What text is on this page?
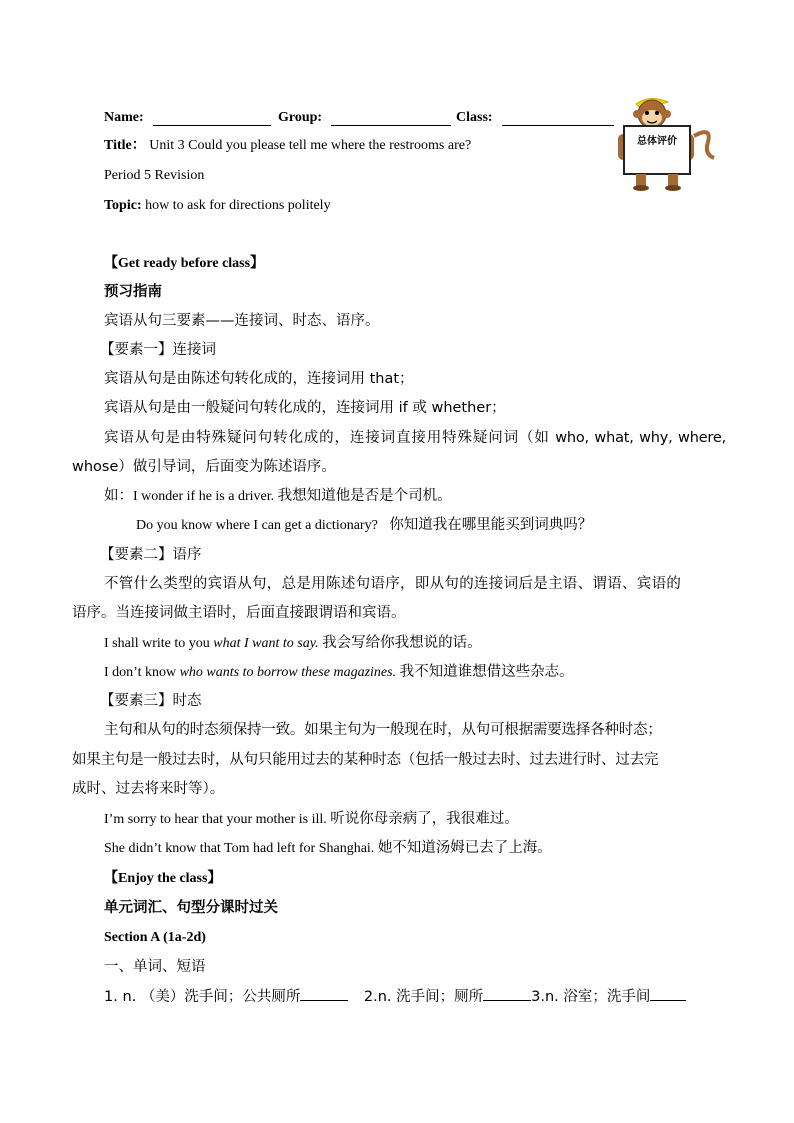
Name:	Group:	Class:
Title： Unit 3 Could you please tell me where the restrooms are?
Period 5 Revision
Topic: how to ask for directions politely
总体评价
【Get ready before class】
预习指南
宾语从句三要素——连接词、时态、语序。
【要素一】连接词
宾语从句是由陈述句转化成的，连接词用 that；
宾语从句是由一般疑问句转化成的，连接词用 if 或 whether；
宾语从句是由特殊疑问句转化成的，连接词直接用特殊疑问词（如 who, what, why, where,
whose）做引导词，后面变为陈述语序。
如：I wonder if he is a driver. 我想知道他是否是个司机。
Do you know where I can get a dictionary? 你知道我在哪里能买到词典吗？
【要素二】语序
不管什么类型的宾语从句，总是用陈述句语序，即从句的连接词后是主语、谓语、宾语的
语序。当连接词做主语时，后面直接跟谓语和宾语。
I shall write to you what I want to say. 我会写给你我想说的话。
I don’t know who wants to borrow these magazines. 我不知道谁想借这些杂志。
【要素三】时态
主句和从句的时态须保持一致。如果主句为一般现在时，从句可根据需要选择各种时态；
如果主句是一般过去时，从句只能用过去的某种时态（包括一般过去时、过去进行时、过去完
成时、过去将来时等）。
I’m sorry to hear that your mother is ill. 听说你母亲病了，我很难过。
She didn’t know that Tom had left for Shanghai. 她不知道汤姆已去了上海。
【Enjoy the class】
单元词汇、句型分课时过关
Section A (1a-2d)
一、单词、短语
1. n. （美）洗手间；公共厕所	2.n. 洗手间；厕所	3.n. 浴室；洗手间
